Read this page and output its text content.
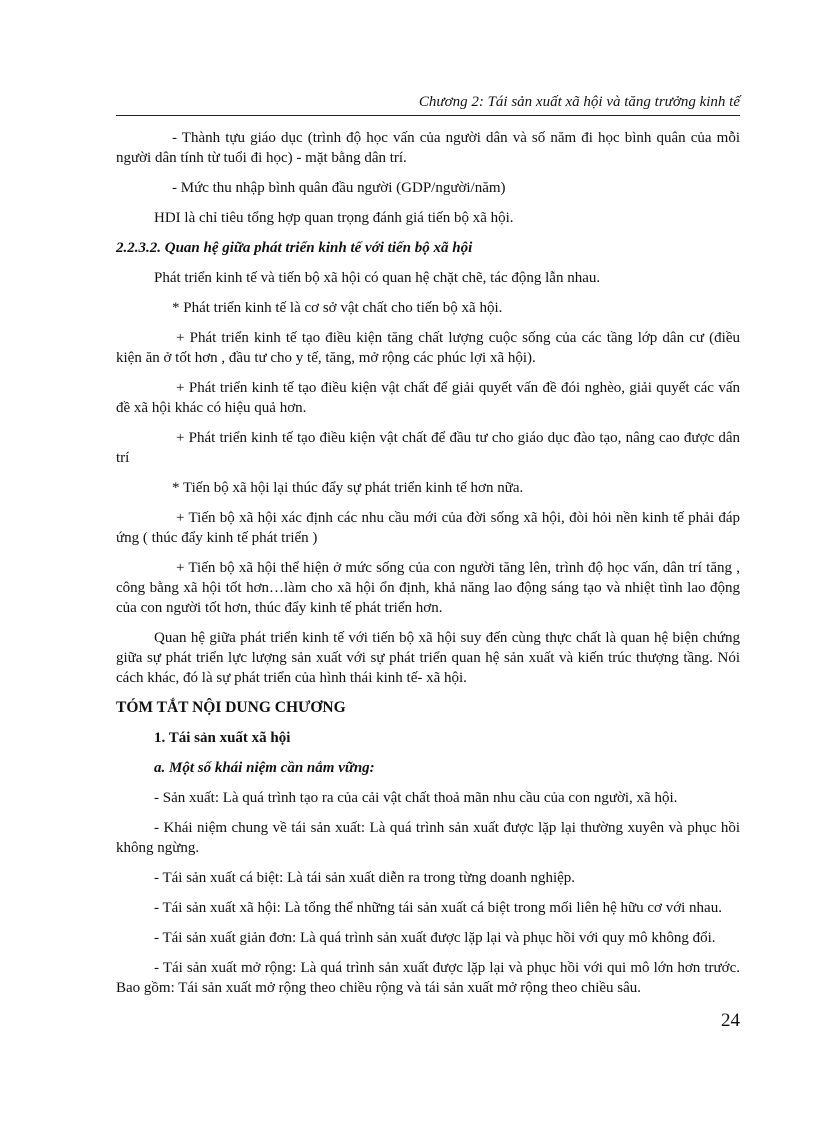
Chương 2: Tái sản xuất xã hội và tăng trưởng kinh tế

- Thành tựu giáo dục (trình độ học vấn của người dân và số năm đi học bình quân của mỗi người dân tính từ tuổi đi học) - mặt bằng dân trí.

- Mức thu nhập bình quân đầu người (GDP/người/năm)

HDI là chỉ tiêu tổng hợp quan trọng đánh giá tiến bộ xã hội.

2.2.3.2. Quan hệ giữa phát triển kinh tế với tiến bộ xã hội

Phát triển kinh tế và tiến bộ xã hội có quan hệ chặt chẽ, tác động lẫn nhau.

* Phát triển kinh tế là cơ sở vật chất cho tiến bộ xã hội.

+ Phát triển kinh tế tạo điều kiện tăng chất lượng cuộc sống của các tầng lớp dân cư (điều kiện ăn ở tốt hơn , đầu tư cho y tế, tăng, mở rộng các phúc lợi xã hội).

+ Phát triển kinh tế tạo điều kiện vật chất để giải quyết vấn đề đói nghèo, giải quyết các vấn đề xã hội khác có hiệu quả hơn.

+ Phát triển kinh tế tạo điều kiện vật chất để đầu tư cho giáo dục đào tạo, nâng cao được dân trí

* Tiến bộ xã hội lại thúc đẩy sự phát triển kinh tế hơn nữa.

+ Tiến bộ xã hội xác định các nhu cầu mới của đời sống xã hội, đòi hỏi nền kinh tế phải đáp ứng ( thúc đẩy kinh tế phát triển )

+ Tiến bộ xã hội thể hiện ở mức sống của con người tăng lên, trình độ học vấn, dân trí tăng , công bằng xã hội tốt hơn…làm cho xã hội ổn định, khả năng lao động sáng tạo và nhiệt tình lao động của con người tốt hơn, thúc đẩy kinh tế phát triển hơn.

Quan hệ giữa phát triển kinh tế với tiến bộ xã hội suy đến cùng thực chất là quan hệ biện chứng giữa sự phát triển lực lượng sản xuất với sự phát triển quan hệ sản xuất và kiến trúc thượng tầng. Nói cách khác, đó là sự phát triển của hình thái kinh tế- xã hội.

TÓM TẮT NỘI DUNG CHƯƠNG

1. Tái sản xuất xã hội

a. Một số khái niệm cần nắm vững:

- Sản xuất: Là quá trình tạo ra của cải vật chất thoả mãn nhu cầu của con người, xã hội.

- Khái niệm chung về tái sản xuất: Là quá trình sản xuất được lặp lại thường xuyên và phục hồi không ngừng.

- Tái sản xuất cá biệt: Là tái sản xuất diễn ra trong từng doanh nghiệp.

- Tái sản xuất xã hội: Là tổng thể những tái sản xuất cá biệt trong mối liên hệ hữu cơ với nhau.

- Tái sản xuất giản đơn: Là quá trình sản xuất được lặp lại và phục hồi với quy mô không đổi.

- Tái sản xuất mở rộng: Là quá trình sản xuất được lặp lại và phục hồi với qui mô lớn hơn trước. Bao gồm: Tái sản xuất mở rộng theo chiều rộng và tái sản xuất mở rộng theo chiều sâu.

24
